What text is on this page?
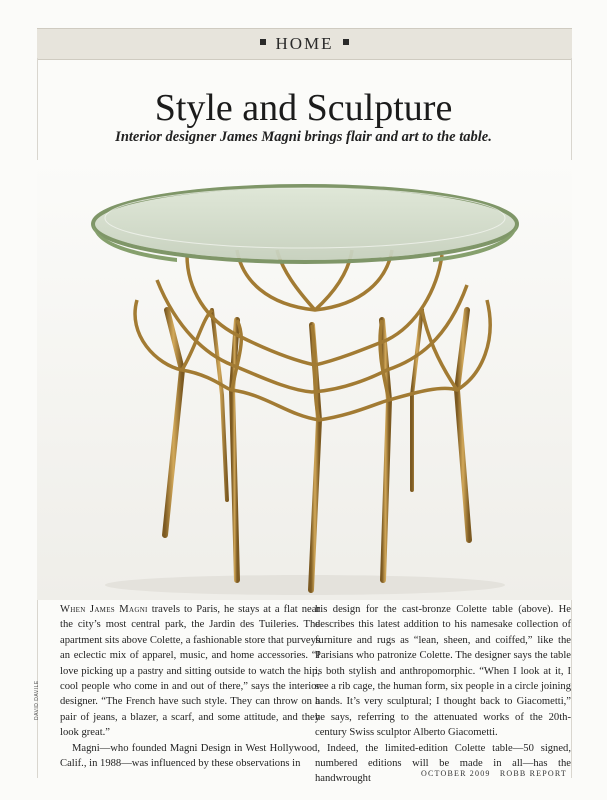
HOME
Style and Sculpture
Interior designer James Magni brings flair and art to the table.

When James Magni travels to Paris, he stays at a flat near the city’s most central park, the Jardin des Tuileries. The apartment sits above Colette, a fashionable store that purveys an eclectic mix of apparel, music, and home accessories. “I love picking up a pastry and sitting outside to watch the hip, cool people who come in and out of there,” says the interior designer. “The French have such style. They can throw on a pair of jeans, a blazer, a scarf, and some attitude, and they look great.”

Magni—who founded Magni Design in West Hollywood, Calif., in 1988—was influenced by these observations in

his design for the cast-bronze Colette table (above). He describes this latest addition to his namesake collection of furniture and rugs as “lean, sheen, and coiffed,” like the Parisians who patronize Colette. The designer says the table is both stylish and anthropomorphic. “When I look at it, I see a rib cage, the human form, six people in a circle joining hands. It’s very sculptural; I thought back to Giacometti,” he says, referring to the attenuated works of the 20th-century Swiss sculptor Alberto Giacometti.

Indeed, the limited-edition Colette table—50 signed, numbered editions will be made in all—has the handwrought

DAVID DAVILE
OCTOBER 2009 ROBB REPORT
